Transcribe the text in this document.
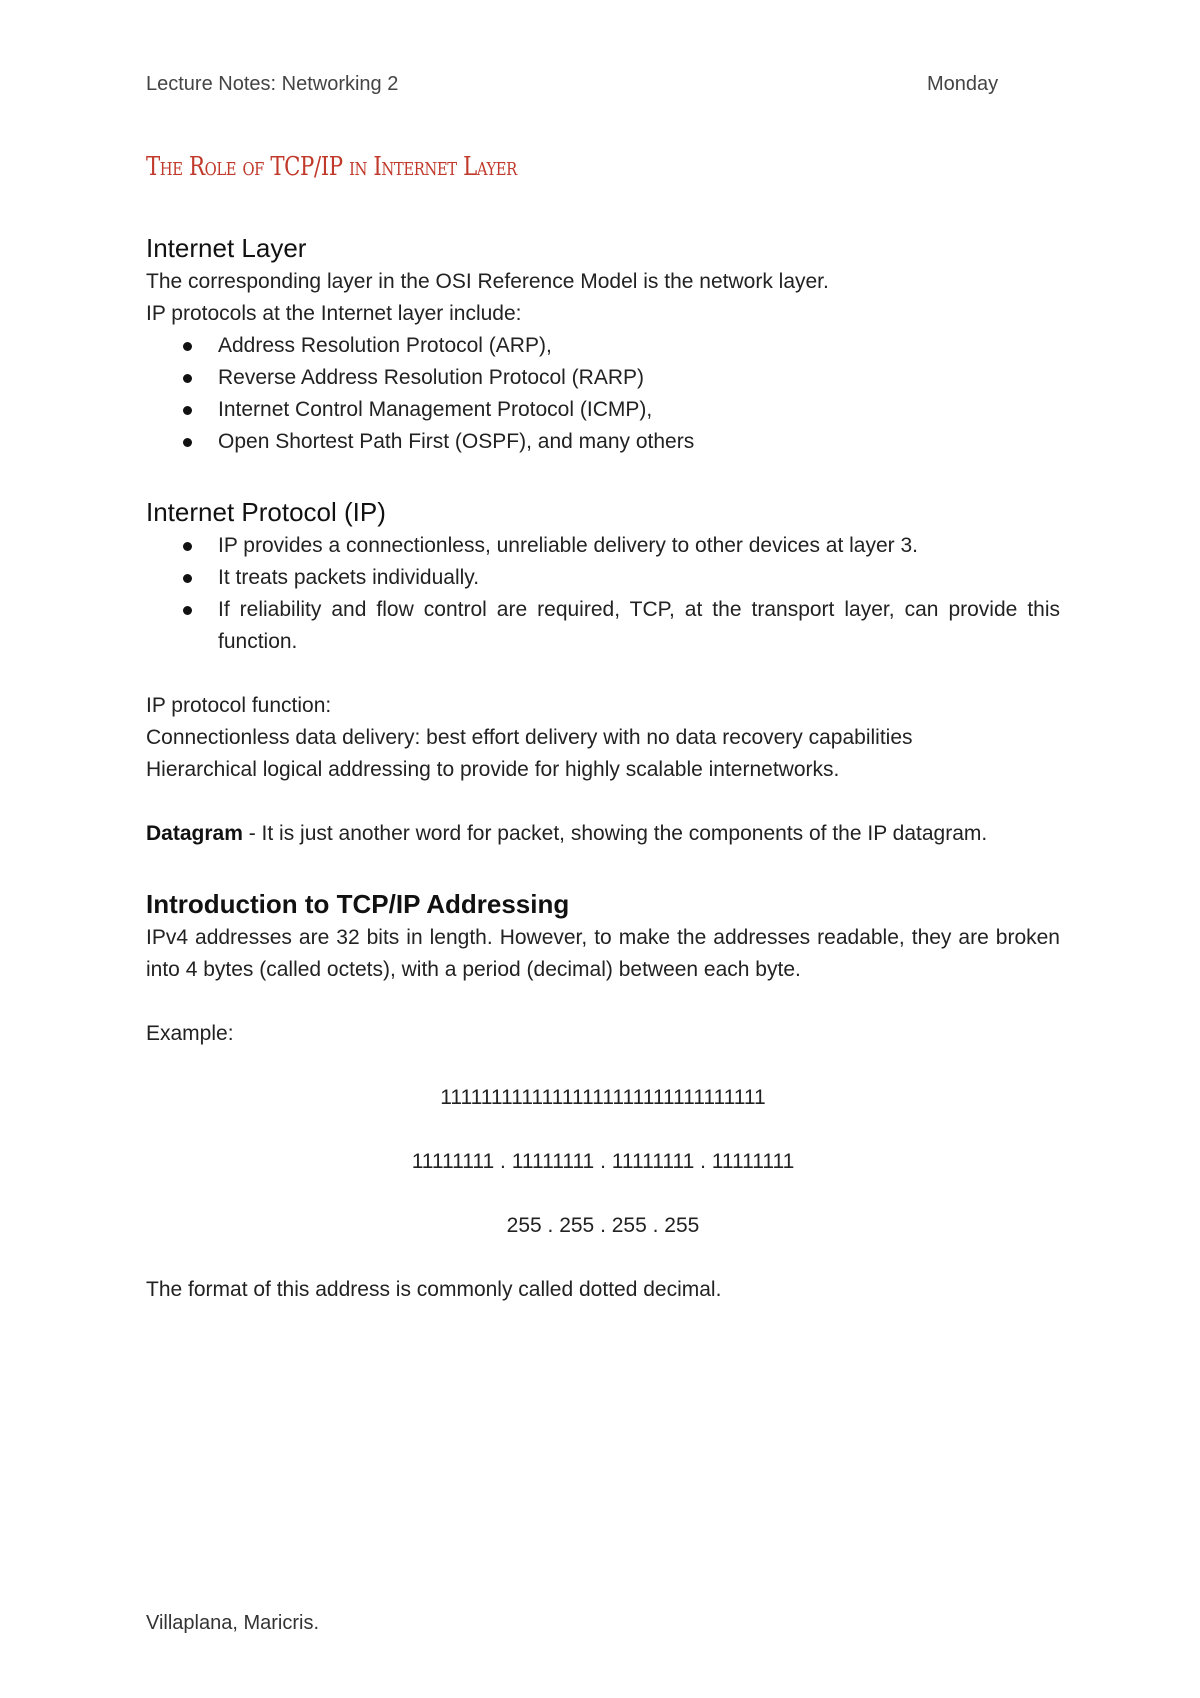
Lecture Notes: Networking 2	Monday
The Role of TCP/IP in Internet Layer
Internet Layer

The corresponding layer in the OSI Reference Model is the network layer.

IP protocols at the Internet layer include:

Address Resolution Protocol (ARP),
Reverse Address Resolution Protocol (RARP)
Internet Control Management Protocol (ICMP),
Open Shortest Path First (OSPF), and many others
Internet Protocol (IP)
IP provides a connectionless, unreliable delivery to other devices at layer 3.
It treats packets individually.
If reliability and flow control are required, TCP, at the transport layer, can provide this function.

IP protocol function:

Connectionless data delivery: best effort delivery with no data recovery capabilities

Hierarchical logical addressing to provide for highly scalable internetworks.

Datagram - It is just another word for packet, showing the components of the IP datagram.

Introduction to TCP/IP Addressing

IPv4 addresses are 32 bits in length. However, to make the addresses readable, they are broken into 4 bytes (called octets), with a period (decimal) between each byte.

Example:

11111111111111111111111111111111

11111111 . 11111111 . 11111111 . 11111111

255 . 255 . 255 . 255

The format of this address is commonly called dotted decimal.

Villaplana, Maricris.
